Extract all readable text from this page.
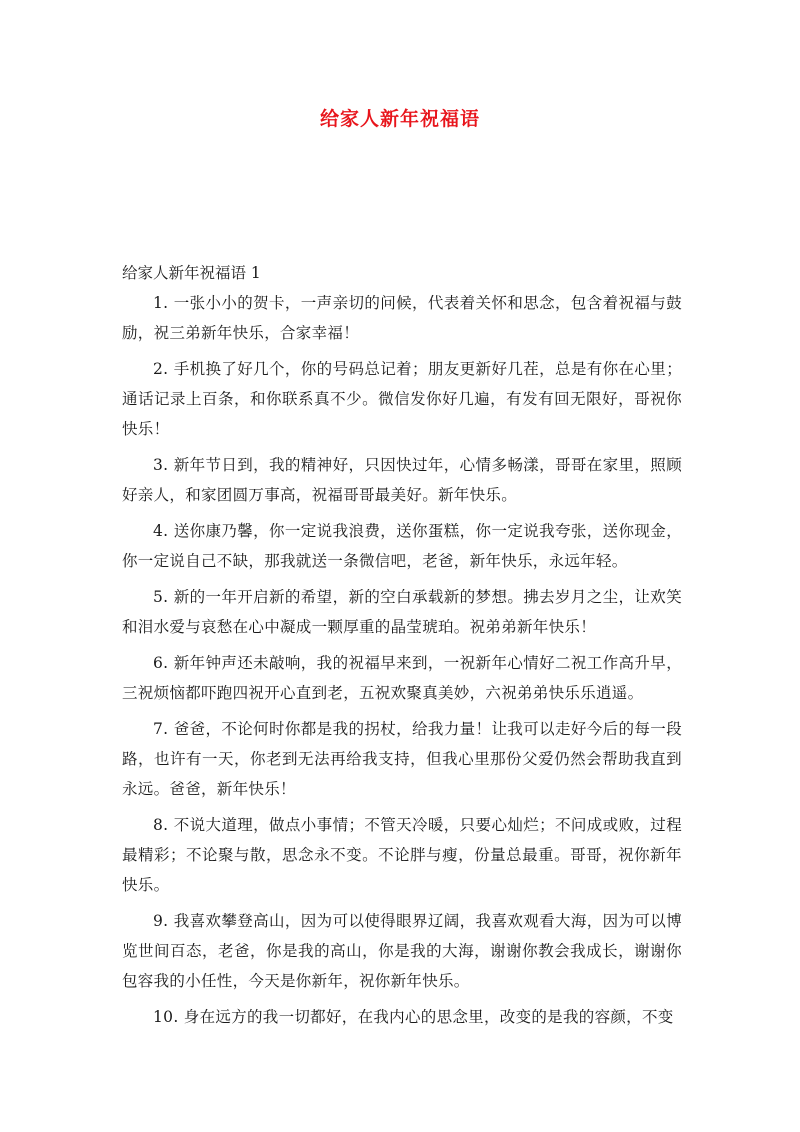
给家人新年祝福语

给家人新年祝福语 1

1. 一张小小的贺卡，一声亲切的问候，代表着关怀和思念，包含着祝福与鼓励，祝三弟新年快乐，合家幸福！

2. 手机换了好几个，你的号码总记着；朋友更新好几茬，总是有你在心里；通话记录上百条，和你联系真不少。微信发你好几遍，有发有回无限好，哥祝你快乐！

3. 新年节日到，我的精神好，只因快过年，心情多畅漾，哥哥在家里，照顾好亲人，和家团圆万事高，祝福哥哥最美好。新年快乐。

4. 送你康乃馨，你一定说我浪费，送你蛋糕，你一定说我夸张，送你现金，你一定说自己不缺，那我就送一条微信吧，老爸，新年快乐，永远年轻。

5. 新的一年开启新的希望，新的空白承载新的梦想。拂去岁月之尘，让欢笑和泪水爱与哀愁在心中凝成一颗厚重的晶莹琥珀。祝弟弟新年快乐！

6. 新年钟声还未敲响，我的祝福早来到，一祝新年心情好二祝工作高升早，三祝烦恼都吓跑四祝开心直到老，五祝欢聚真美妙，六祝弟弟快乐乐逍遥。

7. 爸爸，不论何时你都是我的拐杖，给我力量！让我可以走好今后的每一段路，也许有一天，你老到无法再给我支持，但我心里那份父爱仍然会帮助我直到永远。爸爸，新年快乐！

8. 不说大道理，做点小事情；不管天冷暖，只要心灿烂；不问成或败，过程最精彩；不论聚与散，思念永不变。不论胖与瘦，份量总最重。哥哥，祝你新年快乐。

9. 我喜欢攀登高山，因为可以使得眼界辽阔，我喜欢观看大海，因为可以博览世间百态，老爸，你是我的高山，你是我的大海，谢谢你教会我成长，谢谢你包容我的小任性，今天是你新年，祝你新年快乐。

10. 身在远方的我一切都好，在我内心的思念里，改变的是我的容颜，不变
